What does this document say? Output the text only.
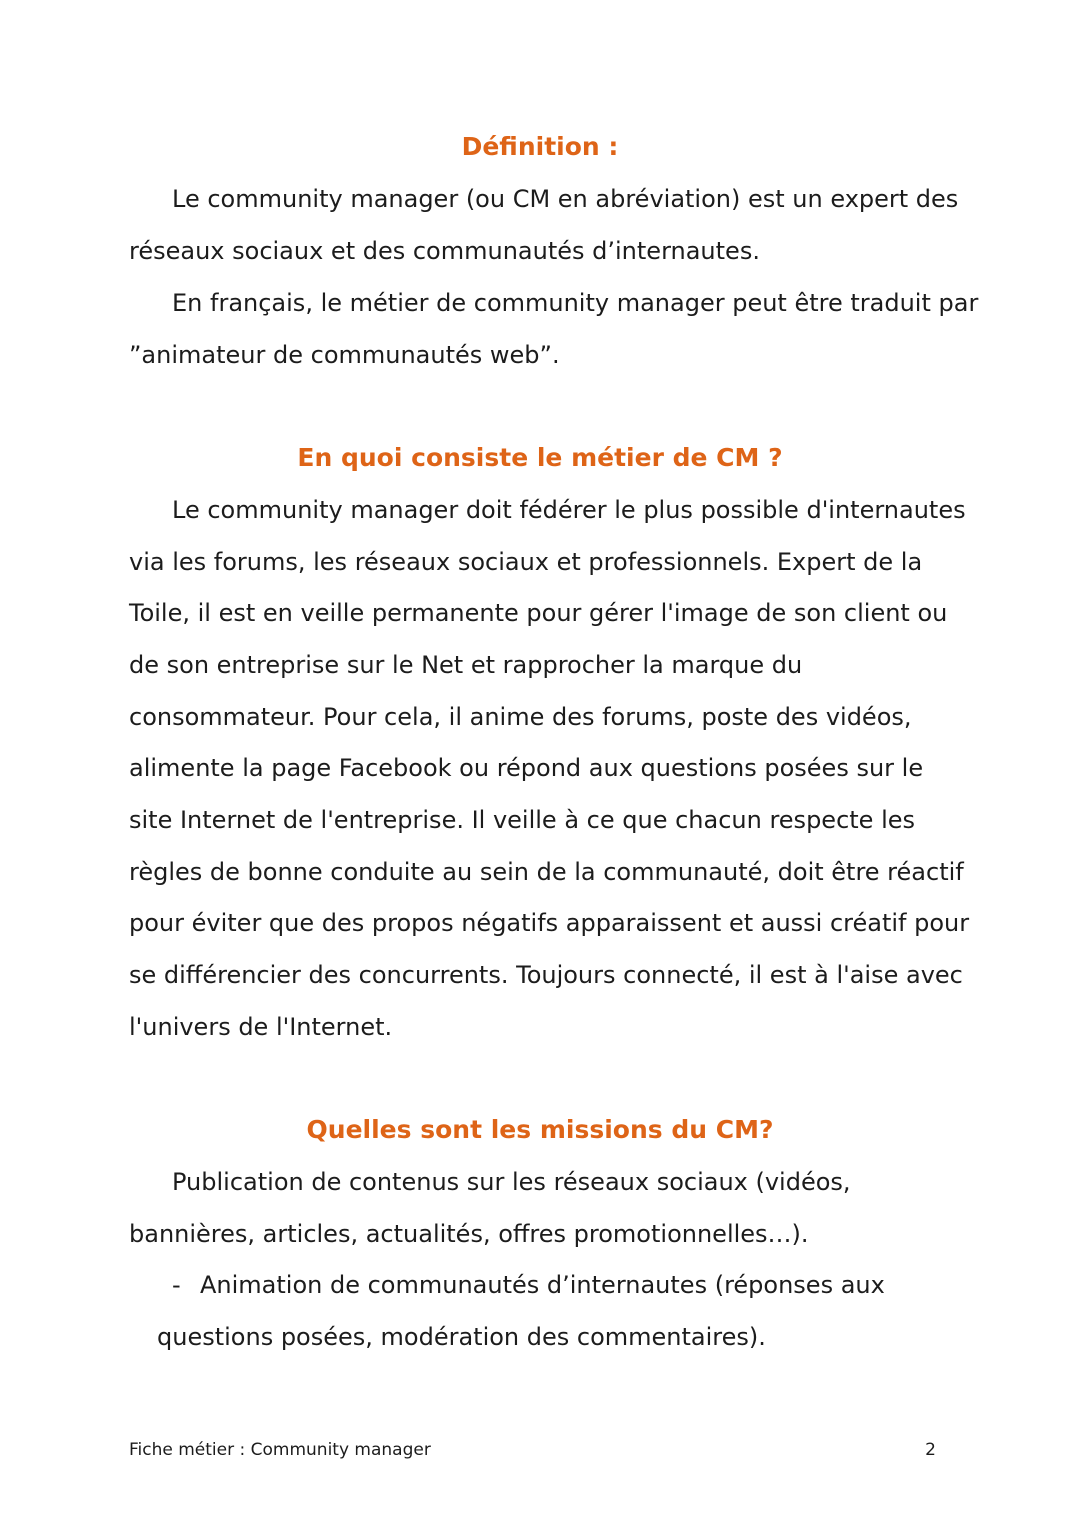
Définition :
Le community manager (ou CM en abréviation) est un expert des
réseaux sociaux et des communautés d’internautes.
En français, le métier de community manager peut être traduit par
”animateur de communautés web”.
En quoi consiste le métier de CM ?
Le community manager doit fédérer le plus possible d'internautes
via les forums, les réseaux sociaux et professionnels. Expert de la
Toile, il est en veille permanente pour gérer l'image de son client ou
de son entreprise sur le Net et rapprocher la marque du
consommateur. Pour cela, il anime des forums, poste des vidéos,
alimente la page Facebook ou répond aux questions posées sur le
site Internet de l'entreprise. Il veille à ce que chacun respecte les
règles de bonne conduite au sein de la communauté, doit être réactif
pour éviter que des propos négatifs apparaissent et aussi créatif pour
se différencier des concurrents. Toujours connecté, il est à l'aise avec
l'univers de l'Internet.
Quelles sont les missions du CM?
Publication de contenus sur les réseaux sociaux (vidéos,
bannières, articles, actualités, offres promotionnelles…).
- Animation de communautés d’internautes (réponses aux
questions posées, modération des commentaires).
Fiche métier : Community manager	2
